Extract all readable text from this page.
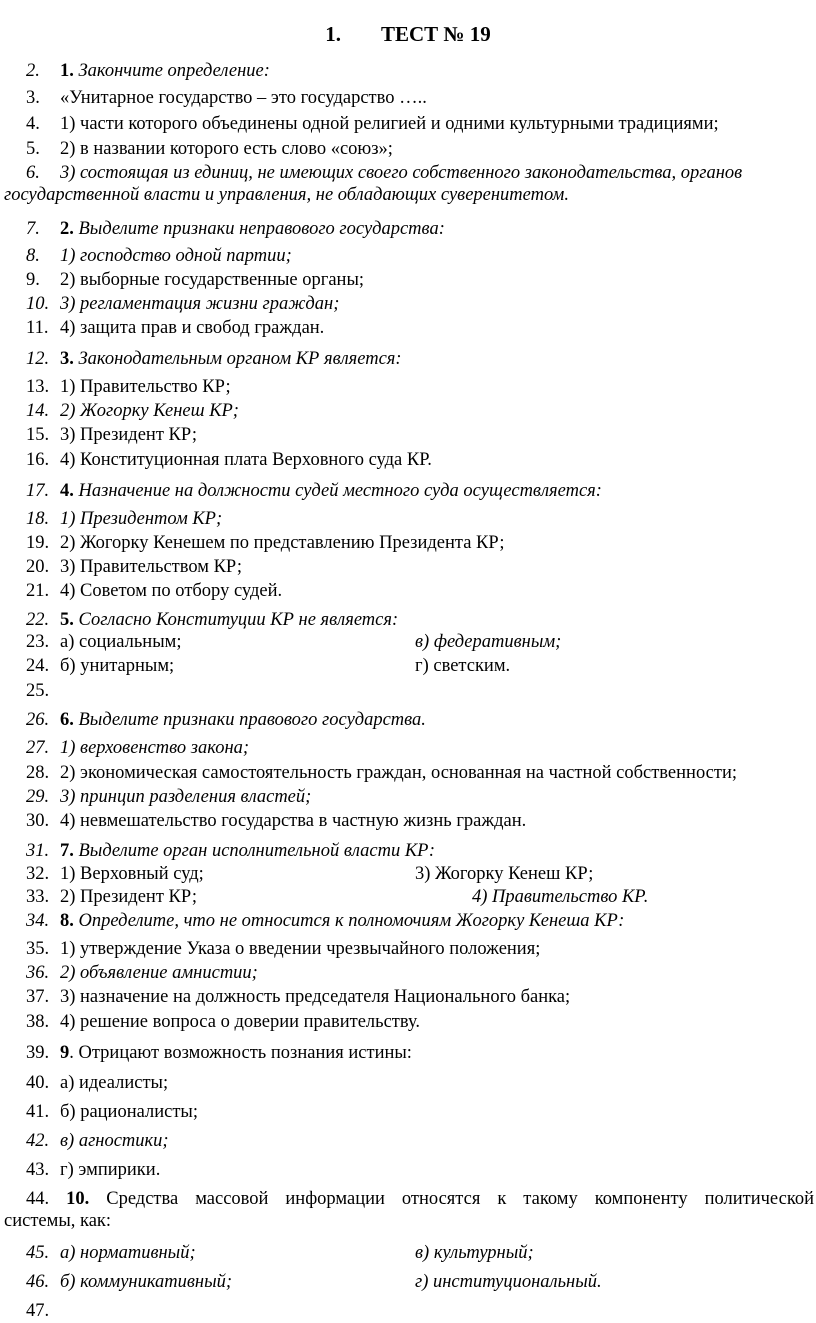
1. ТЕСТ № 19
2. 1. Закончите определение:
3. «Унитарное государство – это государство …..
4. 1) части которого объединены одной религией и одними культурными традициями;
5. 2) в названии которого есть слово «союз»;
6. 3) состоящая из единиц, не имеющих своего собственного законодательства, органов
государственной власти и управления, не обладающих суверенитетом.
7. 2. Выделите признаки неправового государства:
8. 1) господство одной партии;
9. 2) выборные государственные органы;
10. 3) регламентация жизни граждан;
11. 4) защита прав и свобод граждан.
12. 3. Законодательным органом КР является:
13. 1) Правительство КР;
14. 2) Жогорку Кенеш КР;
15. 3) Президент КР;
16. 4) Конституционная плата Верховного суда КР.
17. 4. Назначение на должности судей местного суда осуществляется:
18. 1) Президентом КР;
19. 2) Жогорку Кенешем по представлению Президента КР;
20. 3) Правительством КР;
21. 4) Советом по отбору судей.
22. 5. Согласно Конституции КР не является:
23. а) социальным;	в) федеративным;
24. б) унитарным;	г) светским.
25.
26. 6. Выделите признаки правового государства.
27. 1) верховенство закона;
28. 2) экономическая самостоятельность граждан, основанная на частной собственности;
29. 3) принцип разделения властей;
30. 4) невмешательство государства в частную жизнь граждан.
31. 7. Выделите орган исполнительной власти КР:
32. 1) Верховный суд;	3) Жогорку Кенеш КР;
33. 2) Президент КР;	4) Правительство КР.
34. 8. Определите, что не относится к полномочиям Жогорку Кенеша КР:
35. 1) утверждение Указа о введении чрезвычайного положения;
36. 2) объявление амнистии;
37. 3) назначение на должность председателя Национального банка;
38. 4) решение вопроса о доверии правительству.
39. 9. Отрицают возможность познания истины:
40. а) идеалисты;
41. б) рационалисты;
42. в) агностики;
43. г) эмпирики.
44. 10. Средства массовой информации относятся к такому компоненту политической
системы, как:
45. а) нормативный;	в) культурный;
46. б) коммуникативный;	г) институциональный.
47.
